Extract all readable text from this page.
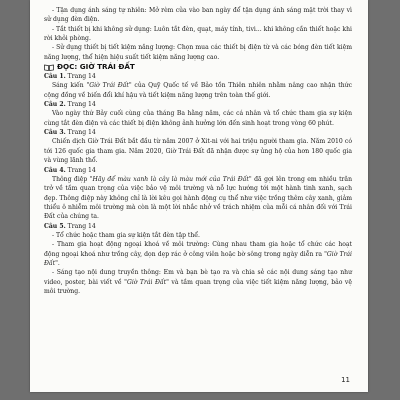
- Tận dụng ánh sáng tự nhiên: Mở rèm của vào ban ngày để tận dụng ánh sáng mặt trời thay vì sử dụng đèn điện.

- Tắt thiết bị khi không sử dụng: Luôn tắt đèn, quạt, máy tính, tivi... khi không cần thiết hoặc khi rời khỏi phòng.

- Sử dụng thiết bị tiết kiệm năng lượng: Chọn mua các thiết bị điện từ và các bóng đèn tiết kiệm năng lượng, thể hiện hiệu suất tiết kiệm năng lượng cao.

ĐỌC: GIỜ TRÁI ĐẤT

Câu 1. Trang 14

Sáng kiến "Giờ Trái Đất" của Quỹ Quốc tế về Bảo tồn Thiên nhiên nhằm nâng cao nhận thức cộng đồng về biến đổi khí hậu và tiết kiệm năng lượng trên toàn thế giới.

Câu 2. Trang 14

Vào ngày thứ Bảy cuối cùng của tháng Ba hằng năm, các cá nhân và tổ chức tham gia sự kiện cùng tắt đèn điện và các thiết bị điện không ảnh hưởng lớn đến sinh hoạt trong vòng 60 phút.

Câu 3. Trang 14

Chiến dịch Giờ Trái Đất bắt đầu từ năm 2007 ở Xit-ni với hai triệu người tham gia. Năm 2010 có tới 126 quốc gia tham gia. Năm 2020, Giờ Trái Đất đã nhận được sự ủng hộ của hơn 180 quốc gia và vùng lãnh thổ.

Câu 4. Trang 14

Thông điệp "Hãy để màu xanh là cây là màu mới của Trái Đất" đã gợi lên trong em nhiều trăn trở về tầm quan trọng của việc bảo vệ môi trường và nỗ lực hướng tới một hành tinh xanh, sạch đẹp. Thông điệp này không chỉ là lời kêu gọi hành động cụ thể như việc trồng thêm cây xanh, giảm thiểu ô nhiễm môi trường mà còn là một lời nhắc nhở về trách nhiệm của mỗi cá nhân đối với Trái Đất của chúng ta.

Câu 5. Trang 14

- Tổ chức hoặc tham gia sự kiện tắt đèn tập thể.

- Tham gia hoạt động ngoại khoá về môi trường: Cùng nhau tham gia hoặc tổ chức các hoạt động ngoại khoá như trồng cây, dọn dẹp rác ở công viên hoặc bờ sông trong ngày diễn ra "Giờ Trái Đất".

- Sáng tạo nội dung truyền thông: Em và bạn bè tạo ra và chia sẻ các nội dung sáng tạo như video, poster, bài viết về "Giờ Trái Đất" và tầm quan trọng của việc tiết kiệm năng lượng, bảo vệ môi trường.

11
